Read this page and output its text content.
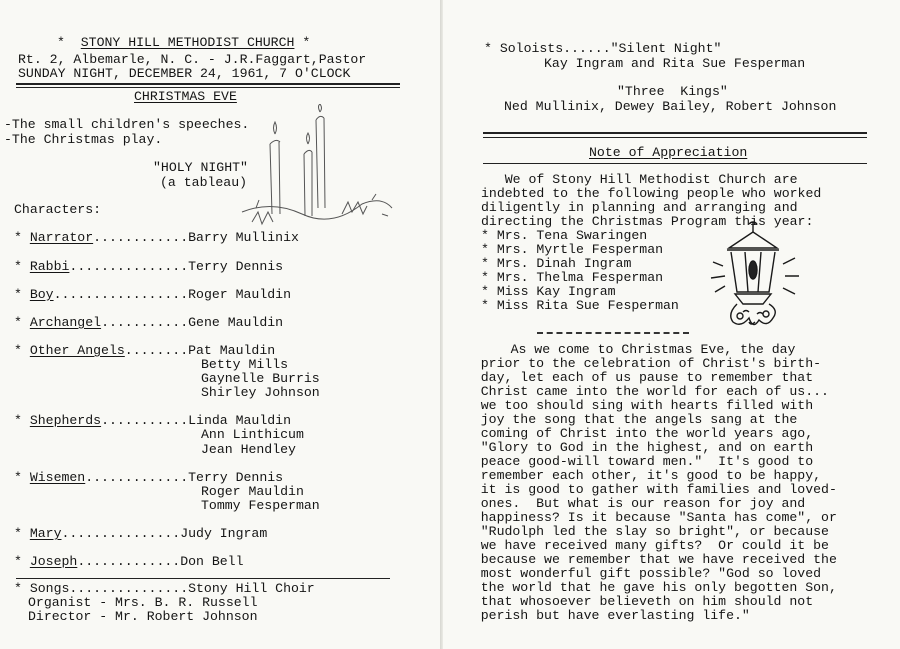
* STONY HILL METHODIST CHURCH *
Rt. 2, Albemarle, N. C. - J.R.Faggart,Pastor
SUNDAY NIGHT, DECEMBER 24, 1961, 7 O'CLOCK
CHRISTMAS EVE
-The small children's speeches.
-The Christmas play.
"HOLY NIGHT"
(a tableau)
Characters:
* Narrator............Barry Mullinix
* Rabbi...............Terry Dennis
* Boy.................Roger Mauldin
* Archangel...........Gene Mauldin
* Other Angels........Pat Mauldin
Betty Mills
Gaynelle Burris
Shirley Johnson
* Shepherds...........Linda Mauldin
Ann Linthicum
Jean Hendley
* Wisemen.............Terry Dennis
Roger Mauldin
Tommy Fesperman
* Mary...............Judy Ingram
* Joseph.............Don Bell
* Songs...............Stony Hill Choir
Organist - Mrs. B. R. Russell
Director - Mr. Robert Johnson
* Soloists......"Silent Night"
Kay Ingram and Rita Sue Fesperman
"Three  Kings"
Ned Mullinix, Dewey Bailey, Robert Johnson
Note of Appreciation
We of Stony Hill Methodist Church are
indebted to the following people who worked
diligently in planning and arranging and
directing the Christmas Program this year:
* Mrs. Tena Swaringen
* Mrs. Myrtle Fesperman
* Mrs. Dinah Ingram
* Mrs. Thelma Fesperman
* Miss Kay Ingram
* Miss Rita Sue Fesperman
As we come to Christmas Eve, the day
prior to the celebration of Christ's birth-
day, let each of us pause to remember that
Christ came into the world for each of us...
we too should sing with hearts filled with
joy the song that the angels sang at the
coming of Christ into the world years ago,
"Glory to God in the highest, and on earth
peace good-will toward men."  It's good to
remember each other, it's good to be happy,
it is good to gather with families and loved-
ones.  But what is our reason for joy and
happiness? Is it because "Santa has come", or
"Rudolph led the slay so bright", or because
we have received many gifts?  Or could it be
because we remember that we have received the
most wonderful gift possible? "God so loved
the world that he gave his only begotten Son,
that whosoever believeth on him should not
perish but have everlasting life."
